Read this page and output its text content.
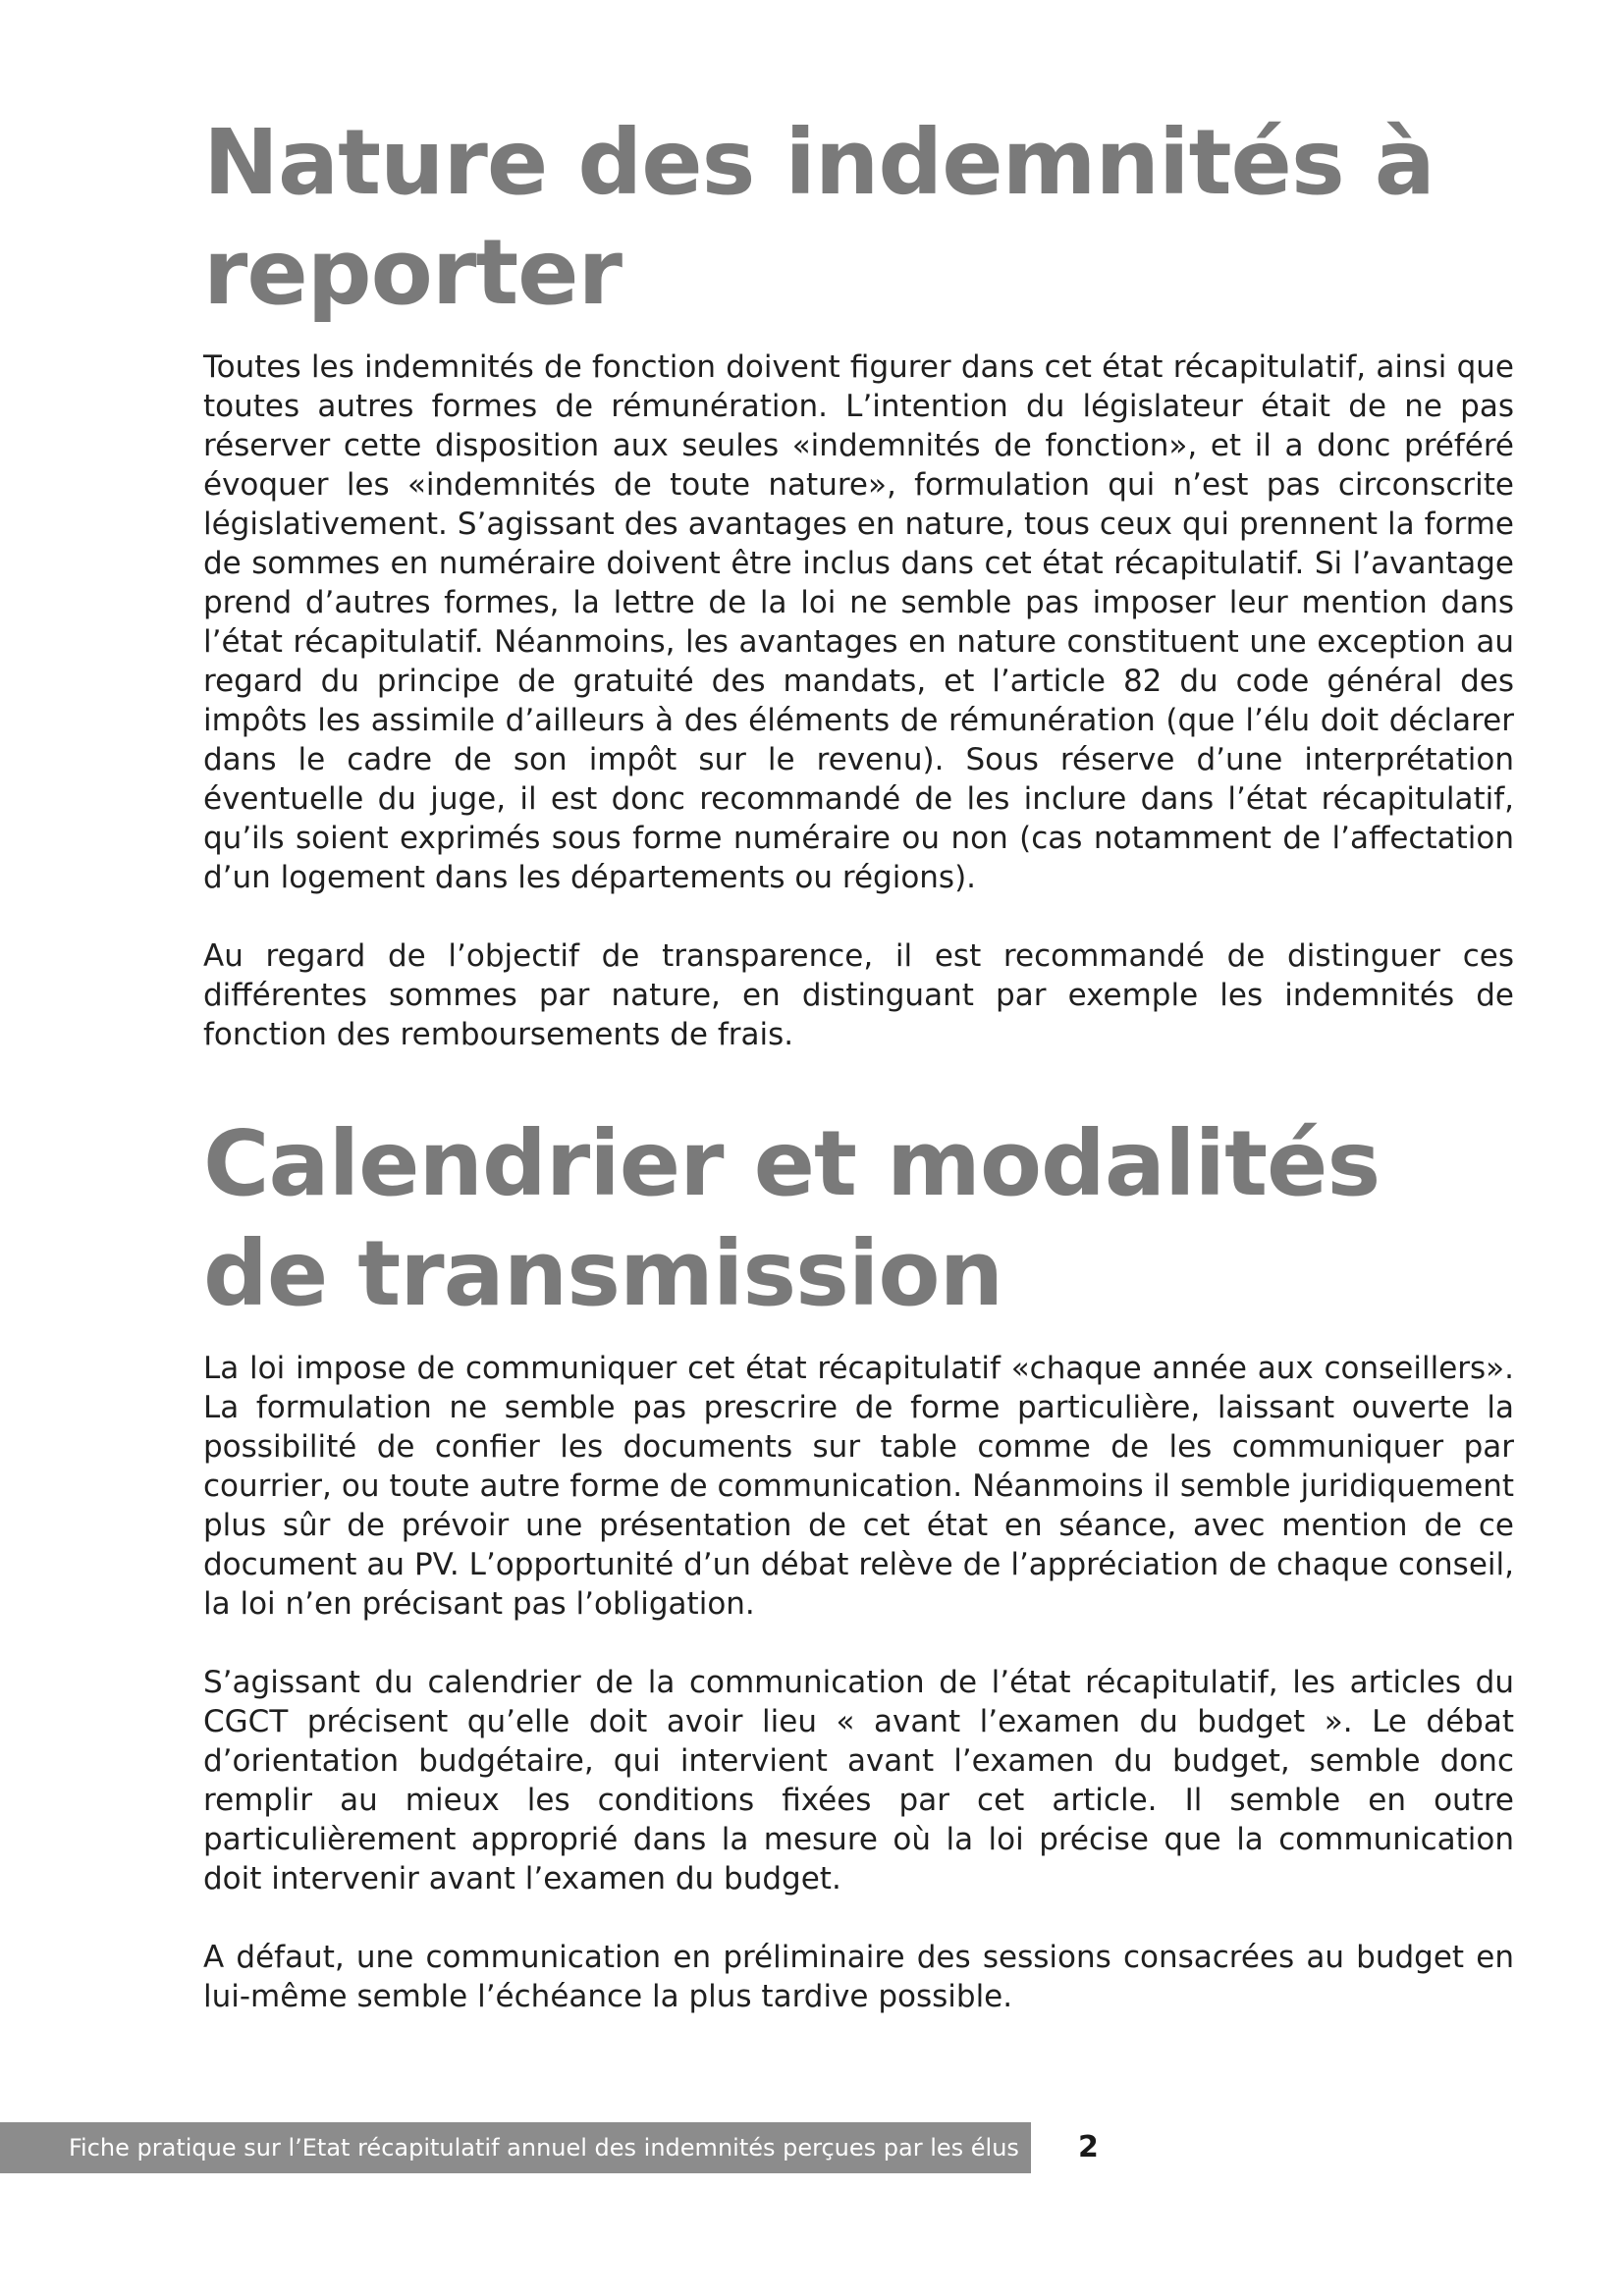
Nature des indemnités à reporter

Toutes les indemnités de fonction doivent figurer dans cet état récapitulatif, ainsi que toutes autres formes de rémunération. L’intention du législateur était de ne pas réserver cette disposition aux seules «indemnités de fonction», et il a donc préféré évoquer les «indemnités de toute nature», formulation qui n’est pas circonscrite législativement. S’agissant des avantages en nature, tous ceux qui prennent la forme de sommes en numéraire doivent être inclus dans cet état récapitulatif. Si l’avantage prend d’autres formes, la lettre de la loi ne semble pas imposer leur mention dans l’état récapitulatif. Néanmoins, les avantages en nature constituent une exception au regard du principe de gratuité des mandats, et l’article 82 du code général des impôts les assimile d’ailleurs à des éléments de rémunération (que l’élu doit déclarer dans le cadre de son impôt sur le revenu). Sous réserve d’une interprétation éventuelle du juge, il est donc recommandé de les inclure dans l’état récapitulatif, qu’ils soient exprimés sous forme numéraire ou non (cas notamment de l’affectation d’un logement dans les départements ou régions).

Au regard de l’objectif de transparence, il est recommandé de distinguer ces différentes sommes par nature, en distinguant par exemple les indemnités de fonction des remboursements de frais.

Calendrier et modalités de transmission

La loi impose de communiquer cet état récapitulatif «chaque année aux conseillers». La formulation ne semble pas prescrire de forme particulière, laissant ouverte la possibilité de confier les documents sur table comme de les communiquer par courrier, ou toute autre forme de communication. Néanmoins il semble juridiquement plus sûr de prévoir une présentation de cet état en séance, avec mention de ce document au PV. L’opportunité d’un débat relève de l’appréciation de chaque conseil, la loi n’en précisant pas l’obligation.

S’agissant du calendrier de la communication de l’état récapitulatif, les articles du CGCT précisent qu’elle doit avoir lieu « avant l’examen du budget ». Le débat d’orientation budgétaire, qui intervient avant l’examen du budget, semble donc remplir au mieux les conditions fixées par cet article. Il semble en outre particulièrement approprié dans la mesure où la loi précise que la communication doit intervenir avant l’examen du budget.

A défaut, une communication en préliminaire des sessions consacrées au budget en lui-même semble l’échéance la plus tardive possible.

Fiche pratique sur l’Etat récapitulatif annuel des indemnités perçues par les élus 2
